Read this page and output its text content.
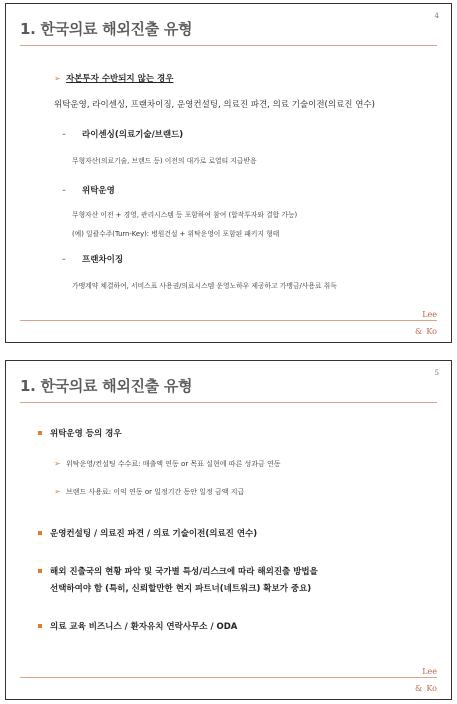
4
1. 한국의료 해외진출 유형
➢ 자본투자 수반되지 않는 경우
위탁운영, 라이센싱, 프랜차이징, 운영컨설팅, 의료진 파견, 의료 기술이전(의료진 연수)
- 라이센싱(의료기술/브랜드)
무형자산(의료기술, 브랜드 등) 이전의 대가로 로열티 지급받음
- 위탁운영
무형자산 이전 + 경영, 관리시스템 등 포함하여 참여 (합작투자와 결합 가능)
(예) 일괄수주(Turn-Key): 병원건설 + 위탁운영이 포함된 패키지 형태
- 프랜차이징
가맹계약 체결하여, 서비스표 사용권/의료시스템 운영노하우 제공하고 가맹금/사용료 취득
Lee
& Ko
5
1. 한국의료 해외진출 유형
위탁운영 등의 경우
➢ 위탁운영/컨설팅 수수료: 매출액 연동 or 목표 실현에 따른 성과금 연동
➢ 브랜드 사용료: 이익 연동 or 일정기간 동안 일정 금액 지급
운영컨설팅 / 의료진 파견 / 의료 기술이전(의료진 연수)
해외 진출국의 현황 파악 및 국가별 특성/리스크에 따라 해외진출 방법을
선택하여야 함 (특히, 신뢰할만한 현지 파트너(네트워크) 확보가 중요)
의료 교육 비즈니스 / 환자유치 연락사무소 / ODA
Lee
& Ko
